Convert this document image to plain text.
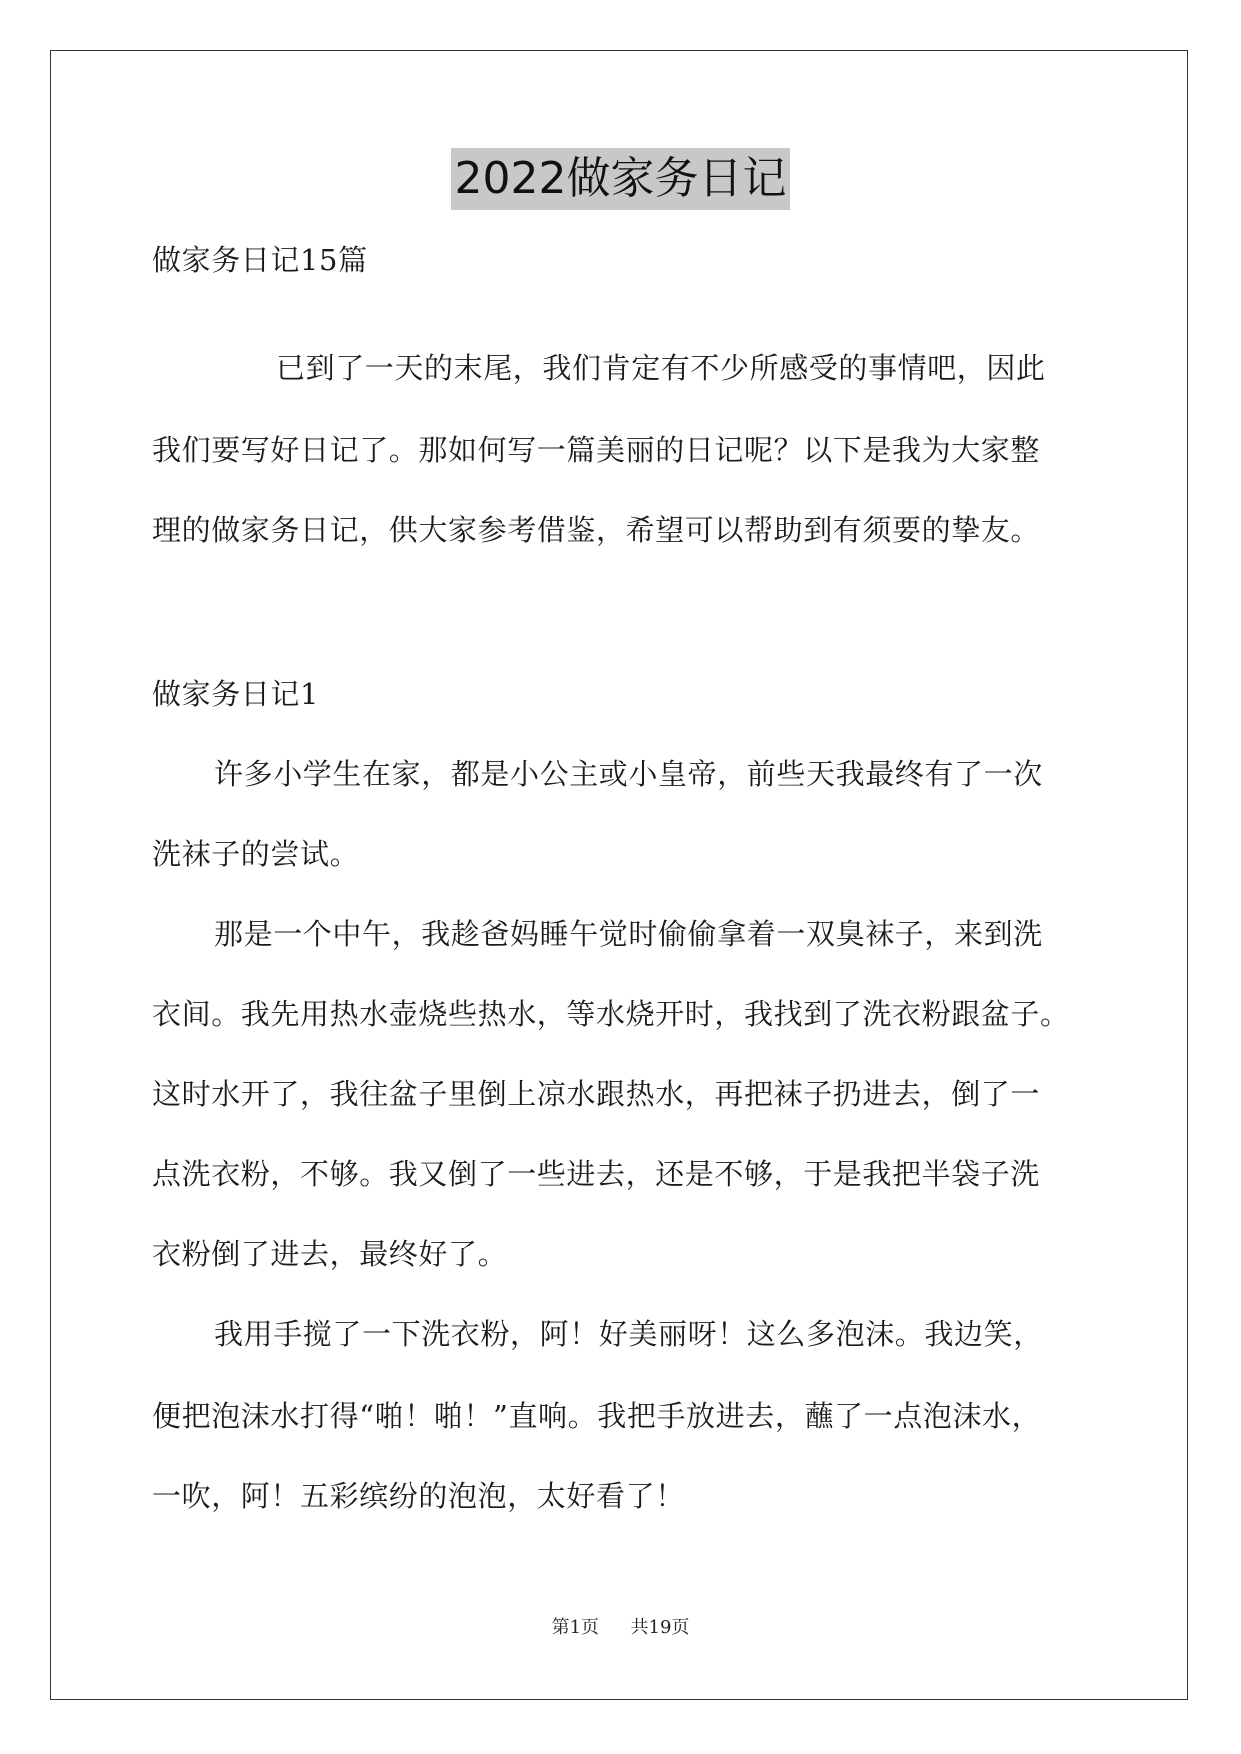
2022做家务日记
做家务日记15篇
已到了一天的末尾，我们肯定有不少所感受的事情吧，因此
我们要写好日记了。那如何写一篇美丽的日记呢？以下是我为大家整
理的做家务日记，供大家参考借鉴，希望可以帮助到有须要的挚友。
做家务日记1
许多小学生在家，都是小公主或小皇帝，前些天我最终有了一次
洗袜子的尝试。
那是一个中午，我趁爸妈睡午觉时偷偷拿着一双臭袜子，来到洗
衣间。我先用热水壶烧些热水，等水烧开时，我找到了洗衣粉跟盆子。
这时水开了，我往盆子里倒上凉水跟热水，再把袜子扔进去，倒了一
点洗衣粉，不够。我又倒了一些进去，还是不够，于是我把半袋子洗
衣粉倒了进去，最终好了。
我用手搅了一下洗衣粉，阿！好美丽呀！这么多泡沫。我边笑，
便把泡沫水打得“啪！啪！”直响。我把手放进去，蘸了一点泡沫水，
一吹，阿！五彩缤纷的泡泡，太好看了！
第1页 共19页
